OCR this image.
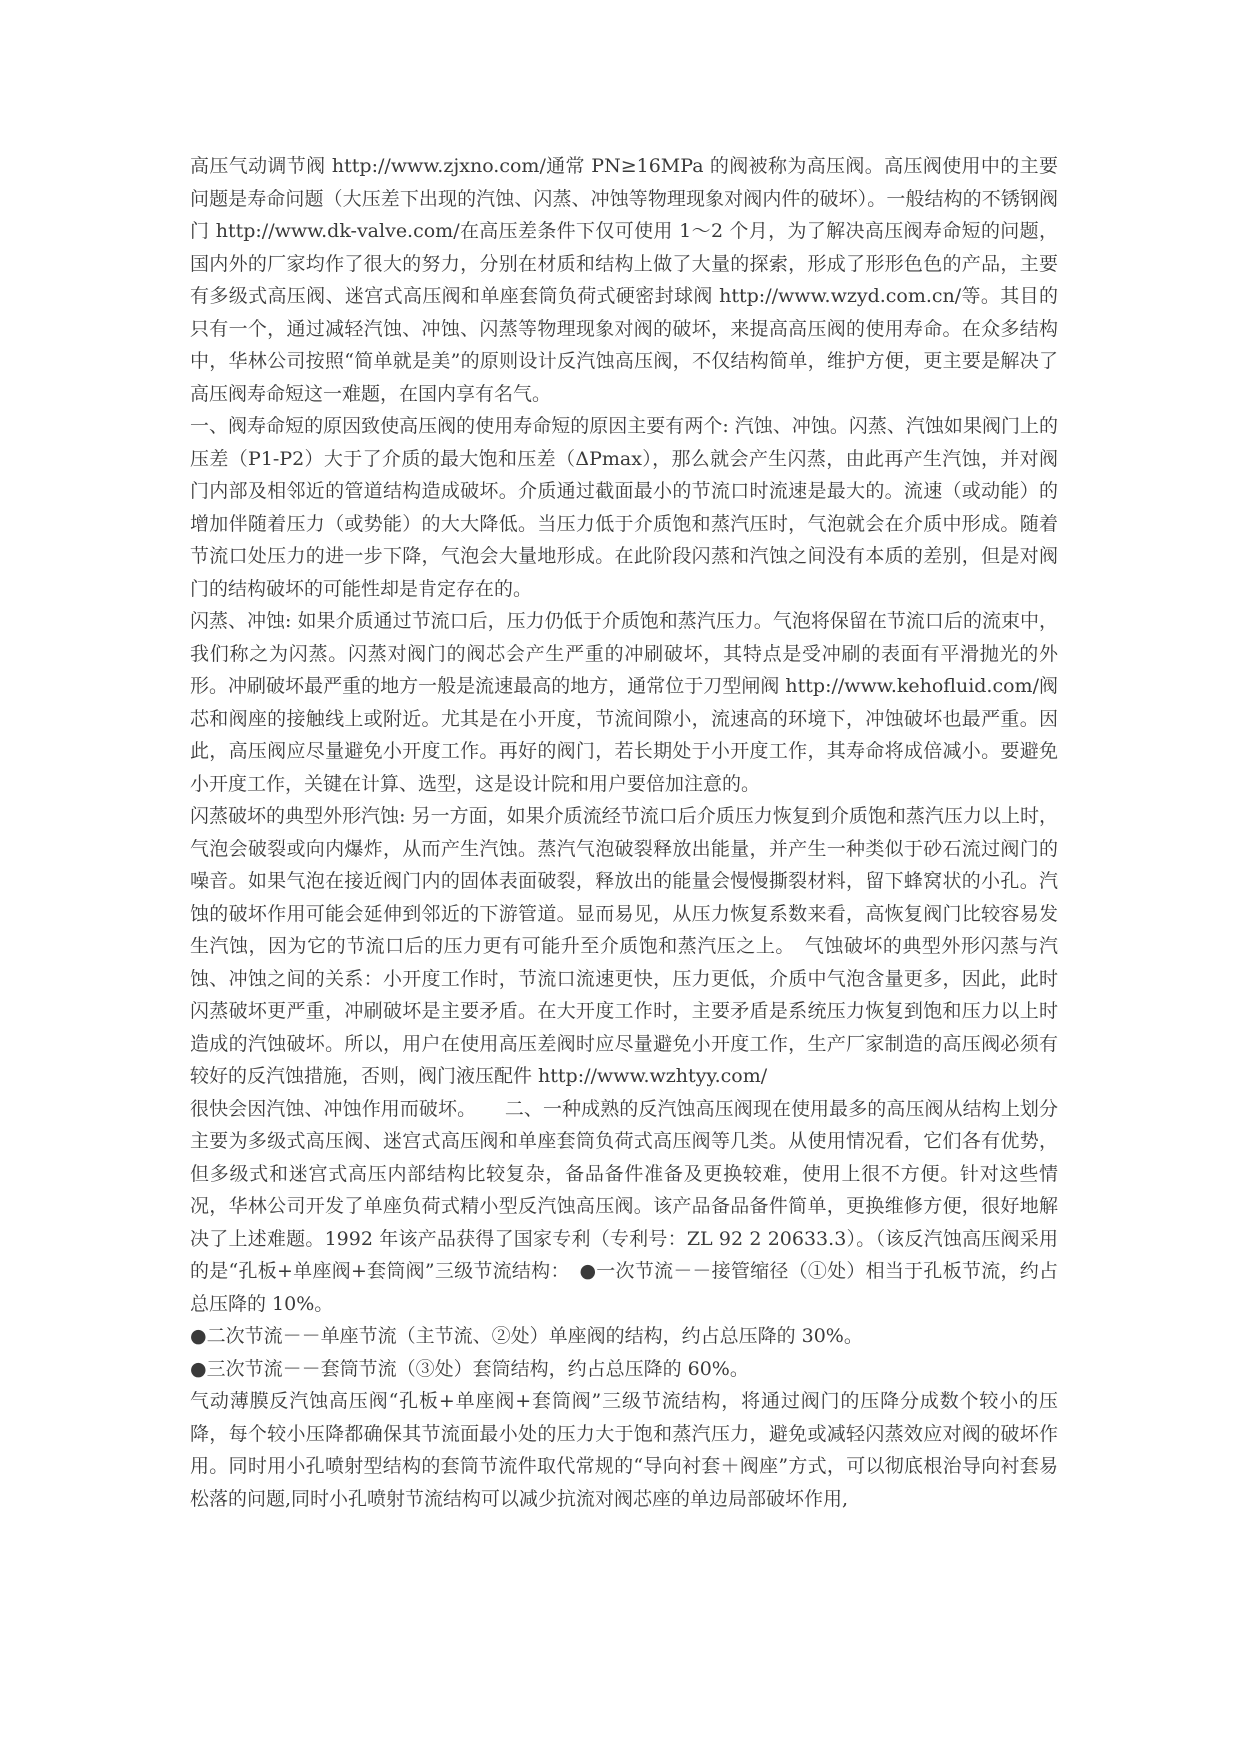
高压气动调节阀 http://www.zjxno.com/通常 PN≥16MPa 的阀被称为高压阀。高压阀使用中的主要问题是寿命问题（大压差下出现的汽蚀、闪蒸、冲蚀等物理现象对阀内件的破坏）。一般结构的不锈钢阀门 http://www.dk-valve.com/在高压差条件下仅可使用 1～2 个月，为了解决高压阀寿命短的问题，国内外的厂家均作了很大的努力，分别在材质和结构上做了大量的探索，形成了形形色色的产品，主要有多级式高压阀、迷宫式高压阀和单座套筒负荷式硬密封球阀 http://www.wzyd.com.cn/等。其目的只有一个，通过减轻汽蚀、冲蚀、闪蒸等物理现象对阀的破坏，来提高高压阀的使用寿命。在众多结构中，华林公司按照“简单就是美”的原则设计反汽蚀高压阀，不仅结构简单，维护方便，更主要是解决了高压阀寿命短这一难题，在国内享有名气。

一、阀寿命短的原因致使高压阀的使用寿命短的原因主要有两个: 汽蚀、冲蚀。闪蒸、汽蚀如果阀门上的压差（P1-P2）大于了介质的最大饱和压差（ΔPmax），那么就会产生闪蒸，由此再产生汽蚀，并对阀门内部及相邻近的管道结构造成破坏。介质通过截面最小的节流口时流速是最大的。流速（或动能）的增加伴随着压力（或势能）的大大降低。当压力低于介质饱和蒸汽压时，气泡就会在介质中形成。随着节流口处压力的进一步下降，气泡会大量地形成。在此阶段闪蒸和汽蚀之间没有本质的差别，但是对阀门的结构破坏的可能性却是肯定存在的。

闪蒸、冲蚀: 如果介质通过节流口后，压力仍低于介质饱和蒸汽压力。气泡将保留在节流口后的流束中，我们称之为闪蒸。闪蒸对阀门的阀芯会产生严重的冲刷破坏，其特点是受冲刷的表面有平滑抛光的外形。冲刷破坏最严重的地方一般是流速最高的地方，通常位于刀型闸阀 http://www.kehofluid.com/阀芯和阀座的接触线上或附近。尤其是在小开度，节流间隙小，流速高的环境下，冲蚀破坏也最严重。因此，高压阀应尽量避免小开度工作。再好的阀门，若长期处于小开度工作，其寿命将成倍减小。要避免小开度工作，关键在计算、选型，这是设计院和用户要倍加注意的。

闪蒸破坏的典型外形汽蚀: 另一方面，如果介质流经节流口后介质压力恢复到介质饱和蒸汽压力以上时，气泡会破裂或向内爆炸，从而产生汽蚀。蒸汽气泡破裂释放出能量，并产生一种类似于砂石流过阀门的噪音。如果气泡在接近阀门内的固体表面破裂，释放出的能量会慢慢撕裂材料，留下蜂窝状的小孔。汽蚀的破坏作用可能会延伸到邻近的下游管道。显而易见，从压力恢复系数来看，高恢复阀门比较容易发生汽蚀，因为它的节流口后的压力更有可能升至介质饱和蒸汽压之上。　气蚀破坏的典型外形闪蒸与汽蚀、冲蚀之间的关系：小开度工作时，节流口流速更快，压力更低，介质中气泡含量更多，因此，此时闪蒸破坏更严重，冲刷破坏是主要矛盾。在大开度工作时，主要矛盾是系统压力恢复到饱和压力以上时造成的汽蚀破坏。所以，用户在使用高压差阀时应尽量避免小开度工作，生产厂家制造的高压阀必须有较好的反汽蚀措施，否则，阀门液压配件 http://www.wzhtyy.com/

很快会因汽蚀、冲蚀作用而破坏。　　二、一种成熟的反汽蚀高压阀现在使用最多的高压阀从结构上划分主要为多级式高压阀、迷宫式高压阀和单座套筒负荷式高压阀等几类。从使用情况看，它们各有优势，但多级式和迷宫式高压内部结构比较复杂，备品备件准备及更换较难，使用上很不方便。针对这些情况，华林公司开发了单座负荷式精小型反汽蚀高压阀。该产品备品备件简单，更换维修方便，很好地解决了上述难题。1992 年该产品获得了国家专利（专利号：ZL 92 2 20633.3）。（该反汽蚀高压阀采用的是“孔板+单座阀+套筒阀”三级节流结构：　●一次节流－－接管缩径（①处）相当于孔板节流，约占总压降的 10%。

●二次节流－－单座节流（主节流、②处）单座阀的结构，约占总压降的 30%。

●三次节流－－套筒节流（③处）套筒结构，约占总压降的 60%。

气动薄膜反汽蚀高压阀“孔板+单座阀+套筒阀”三级节流结构，将通过阀门的压降分成数个较小的压降，每个较小压降都确保其节流面最小处的压力大于饱和蒸汽压力，避免或减轻闪蒸效应对阀的破坏作用。同时用小孔喷射型结构的套筒节流件取代常规的“导向衬套＋阀座”方式，可以彻底根治导向衬套易松落的问题,同时小孔喷射节流结构可以减少抗流对阀芯座的单边局部破坏作用,
